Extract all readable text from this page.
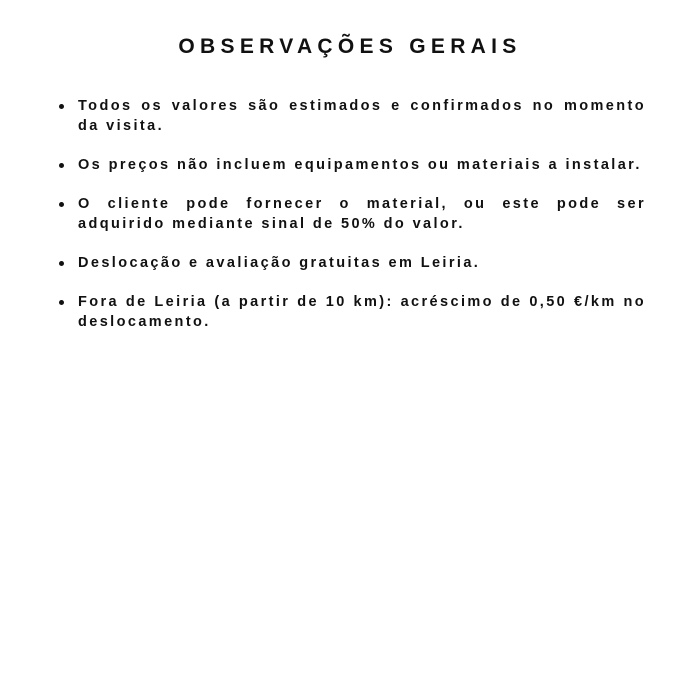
OBSERVAÇÕES GERAIS
Todos os valores são estimados e confirmados no momento da visita.
Os preços não incluem equipamentos ou materiais a instalar.
O cliente pode fornecer o material, ou este pode ser adquirido mediante sinal de 50% do valor.
Deslocação e avaliação gratuitas em Leiria.
Fora de Leiria (a partir de 10 km): acréscimo de 0,50 €/km no deslocamento.
